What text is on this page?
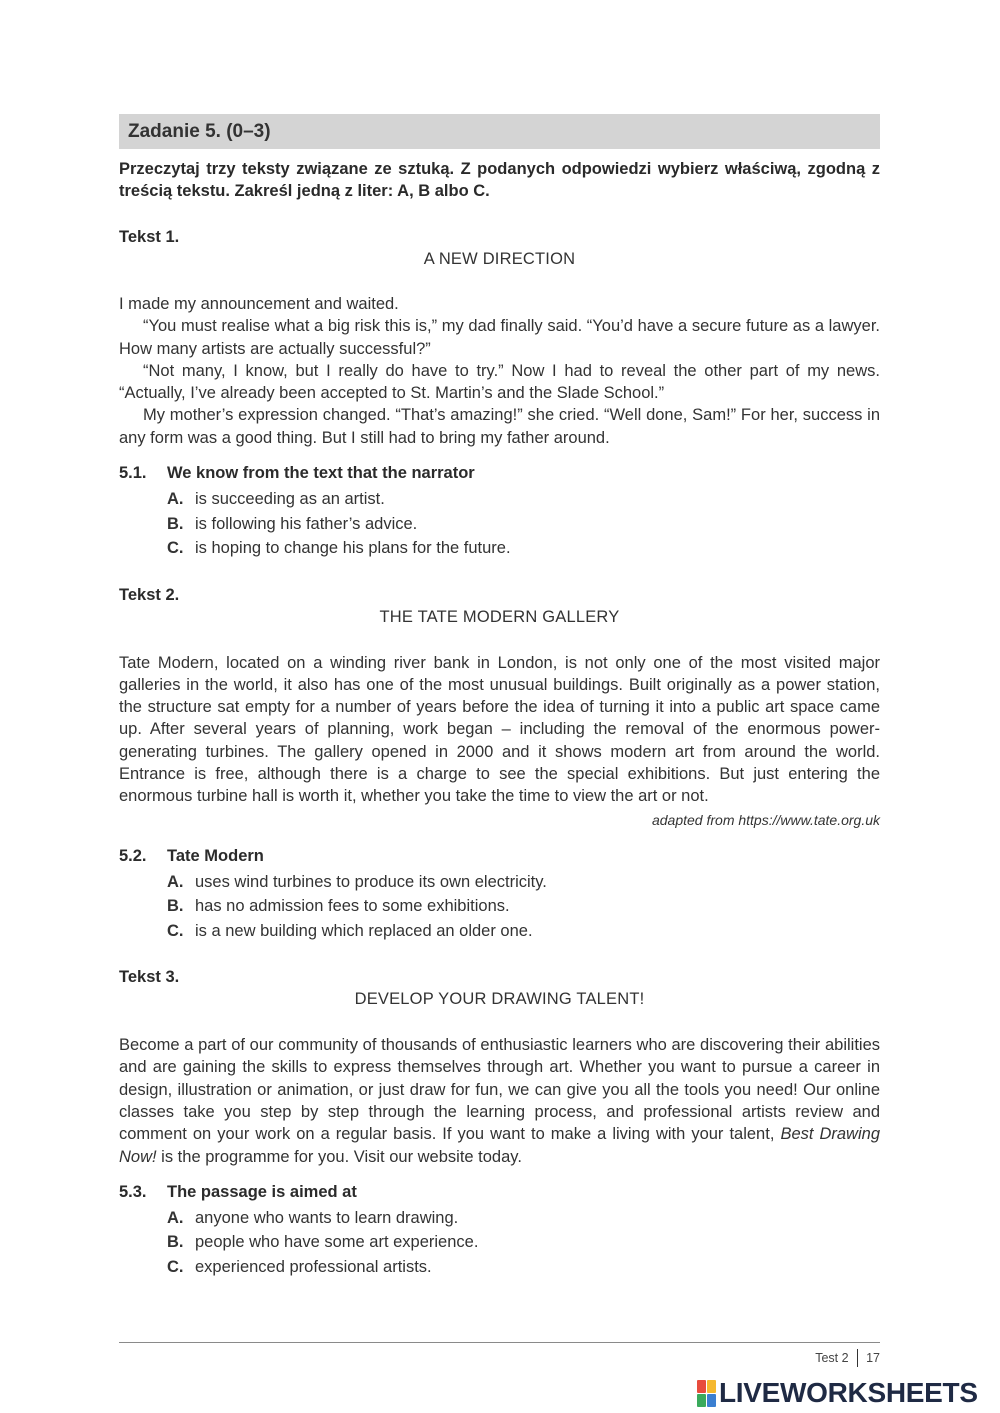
Zadanie 5. (0–3)
Przeczytaj trzy teksty związane ze sztuką. Z podanych odpowiedzi wybierz właściwą, zgodną z treścią tekstu. Zakreśl jedną z liter: A, B albo C.
Tekst 1.
A NEW DIRECTION

I made my announcement and waited.

“You must realise what a big risk this is,” my dad finally said. “You’d have a secure future as a lawyer. How many artists are actually successful?”

“Not many, I know, but I really do have to try.” Now I had to reveal the other part of my news. “Actually, I’ve already been accepted to St. Martin’s and the Slade School.”

My mother’s expression changed. “That’s amazing!” she cried. “Well done, Sam!” For her, success in any form was a good thing. But I still had to bring my father around.

5.1.	We know from the text that the narrator
A. is succeeding as an artist.
B. is following his father’s advice.
C. is hoping to change his plans for the future.
Tekst 2.
THE TATE MODERN GALLERY

Tate Modern, located on a winding river bank in London, is not only one of the most visited major galleries in the world, it also has one of the most unusual buildings. Built originally as a power station, the structure sat empty for a number of years before the idea of turning it into a public art space came up. After several years of planning, work began – including the removal of the enormous power-generating turbines. The gallery opened in 2000 and it shows modern art from around the world. Entrance is free, although there is a charge to see the special exhibitions. But just entering the enormous turbine hall is worth it, whether you take the time to view the art or not.

adapted from https://www.tate.org.uk
5.2.	Tate Modern
A. uses wind turbines to produce its own electricity.
B. has no admission fees to some exhibitions.
C. is a new building which replaced an older one.
Tekst 3.
DEVELOP YOUR DRAWING TALENT!

Become a part of our community of thousands of enthusiastic learners who are discovering their abilities and are gaining the skills to express themselves through art. Whether you want to pursue a career in design, illustration or animation, or just draw for fun, we can give you all the tools you need! Our online classes take you step by step through the learning process, and professional artists review and comment on your work on a regular basis. If you want to make a living with your talent, Best Drawing Now! is the programme for you. Visit our website today.

5.3.	The passage is aimed at
A. anyone who wants to learn drawing.
B. people who have some art experience.
C. experienced professional artists.
Test 2 17
LIVEWORKSHEETS
